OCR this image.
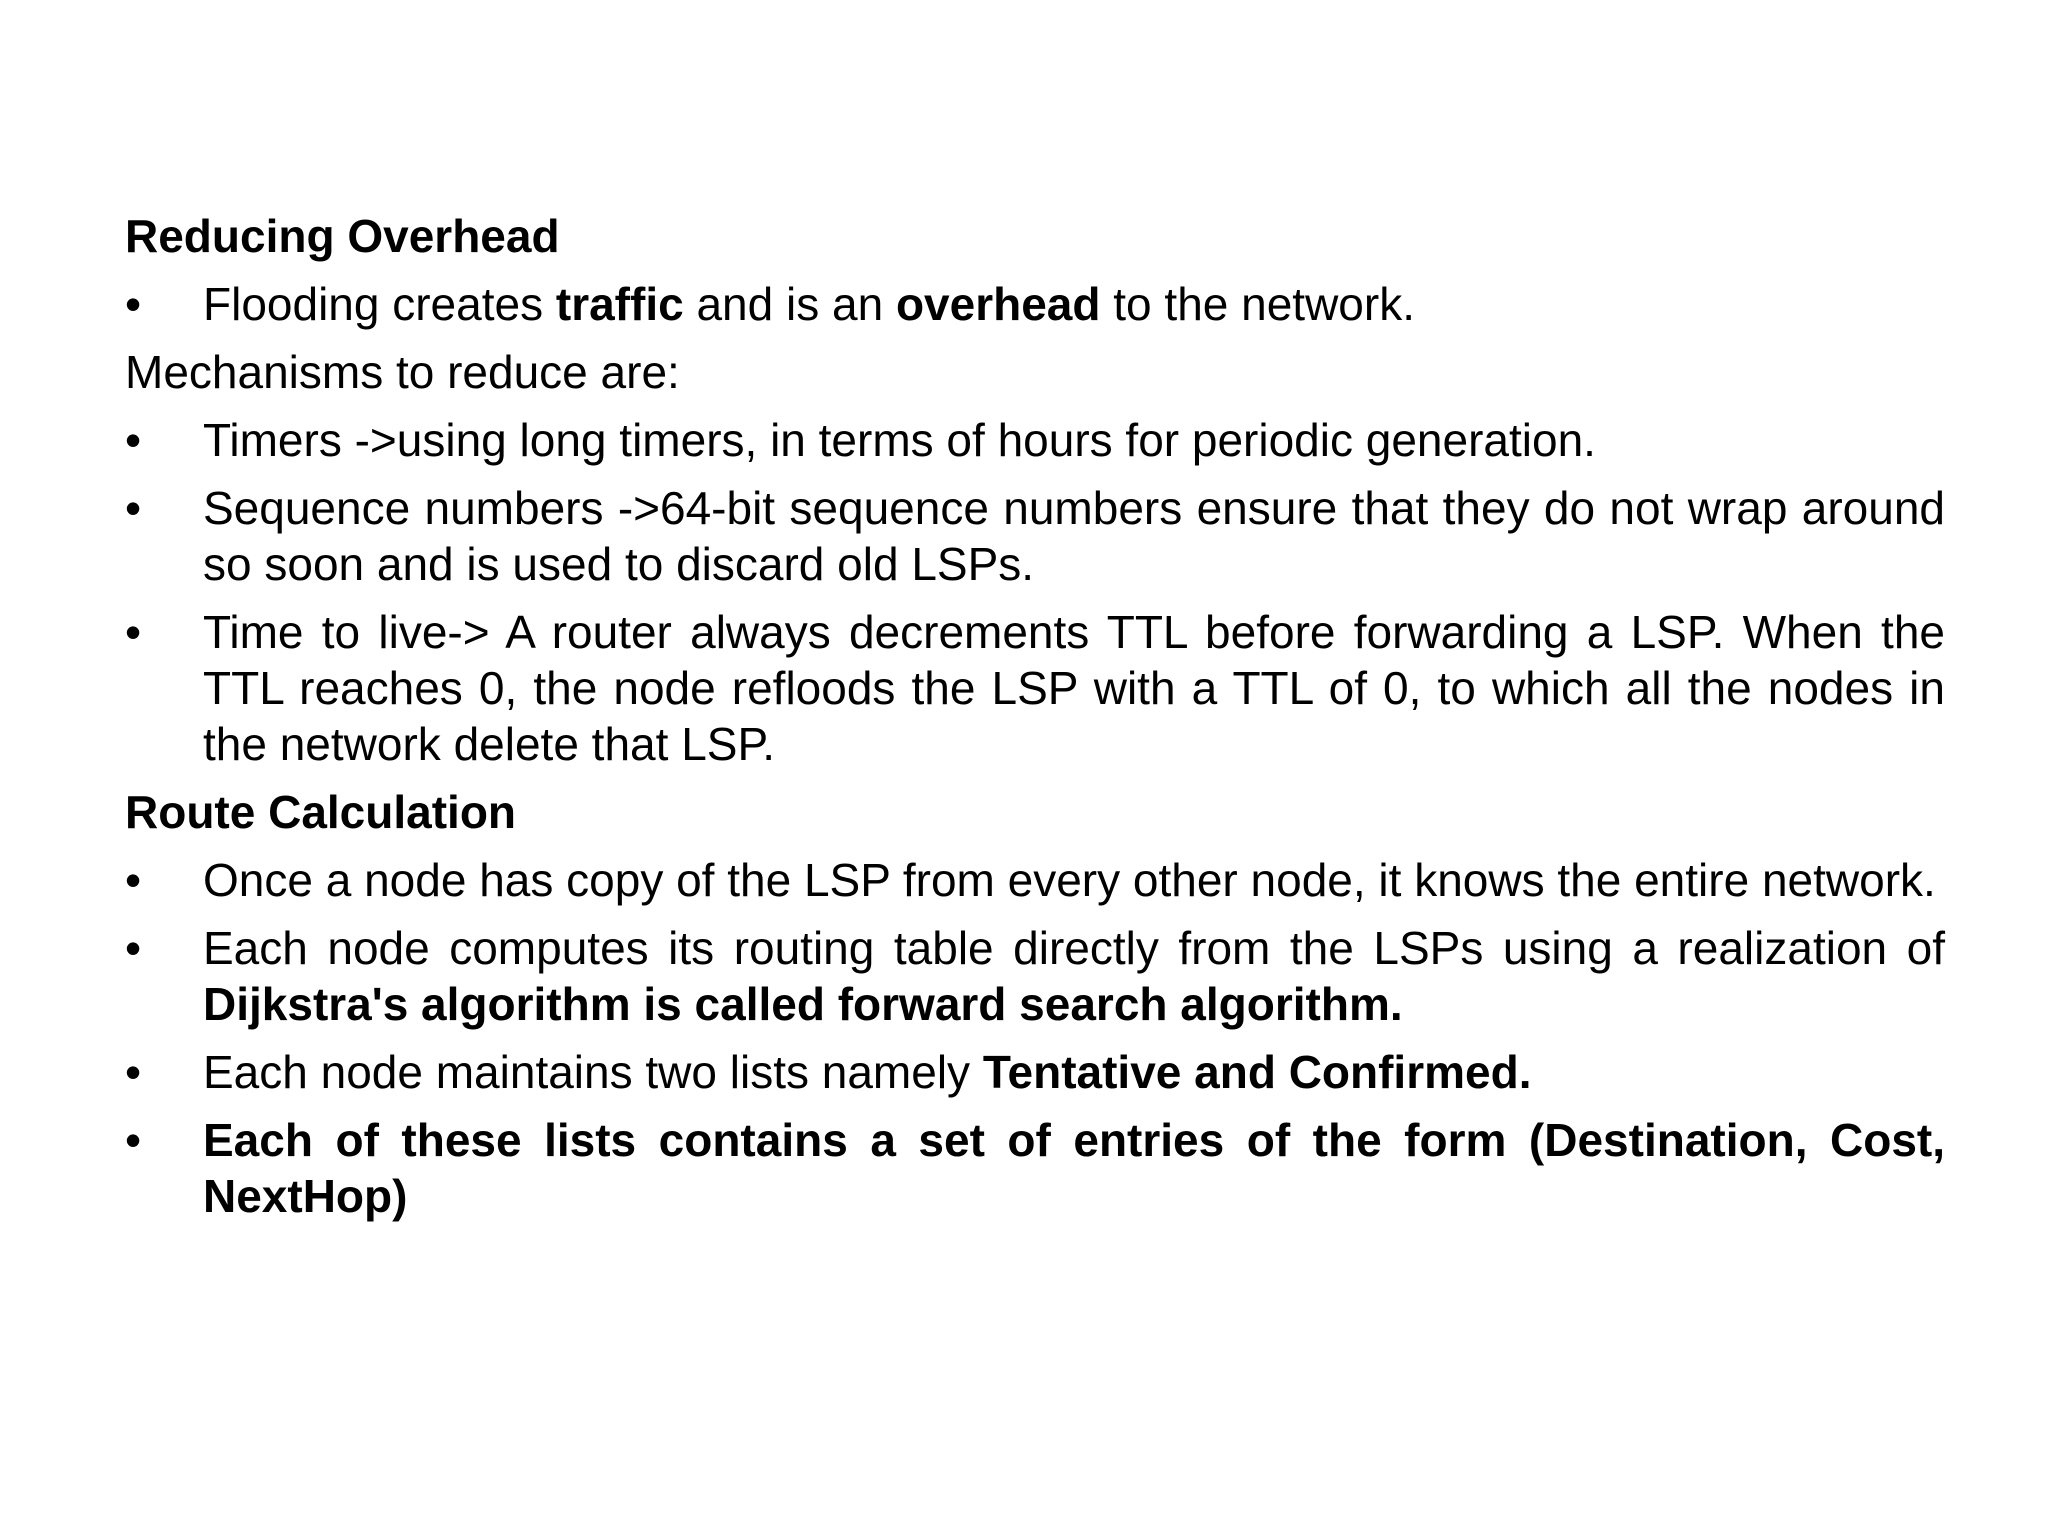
Reducing Overhead
•	Flooding creates traffic and is an overhead to the network.
Mechanisms to reduce are:
•	Timers ->using long timers, in terms of hours for periodic generation.
•	Sequence numbers ->64-bit sequence numbers ensure that they do not wrap around so soon and is used to discard old LSPs.
•	Time to live-> A router always decrements TTL before forwarding a LSP. When the TTL reaches 0, the node refloods the LSP with a TTL of 0, to which all the nodes in the network delete that LSP.
Route Calculation
•	Once a node has copy of the LSP from every other node, it knows the entire network.
•	Each node computes its routing table directly from the LSPs using a realization of Dijkstra's algorithm is called forward search algorithm.
•	Each node maintains two lists namely Tentative and Confirmed.
•	Each of these lists contains a set of entries of the form (Destination, Cost, NextHop)
